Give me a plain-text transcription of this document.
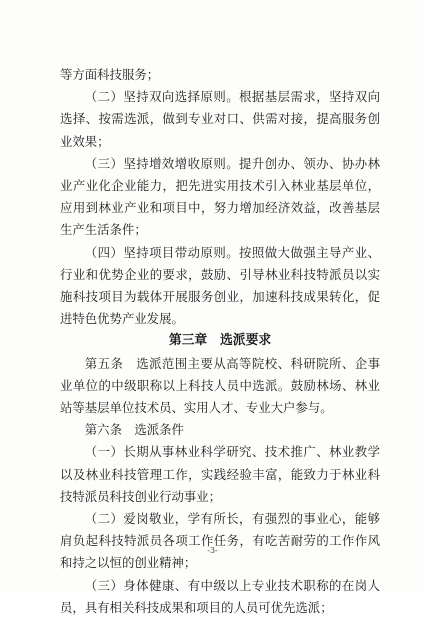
等方面科技服务；

（二）坚持双向选择原则。根据基层需求，坚持双向选择、按需选派，做到专业对口、供需对接，提高服务创业效果；

（三）坚持增效增收原则。提升创办、领办、协办林业产业化企业能力，把先进实用技术引入林业基层单位，应用到林业产业和项目中，努力增加经济效益，改善基层生产生活条件；

（四）坚持项目带动原则。按照做大做强主导产业、行业和优势企业的要求，鼓励、引导林业科技特派员以实施科技项目为载体开展服务创业，加速科技成果转化，促进特色优势产业发展。

第三章　选派要求

第五条　选派范围主要从高等院校、科研院所、企事业单位的中级职称以上科技人员中选派。鼓励林场、林业站等基层单位技术员、实用人才、专业大户参与。

第六条　选派条件

（一）长期从事林业科学研究、技术推广、林业教学以及林业科技管理工作，实践经验丰富，能致力于林业科技特派员科技创业行动事业；

（二）爱岗敬业，学有所长，有强烈的事业心，能够肩负起科技特派员各项工作任务，有吃苦耐劳的工作作风和持之以恒的创业精神；

（三）身体健康、有中级以上专业技术职称的在岗人员，具有相关科技成果和项目的人员可优先选派；

-3-
